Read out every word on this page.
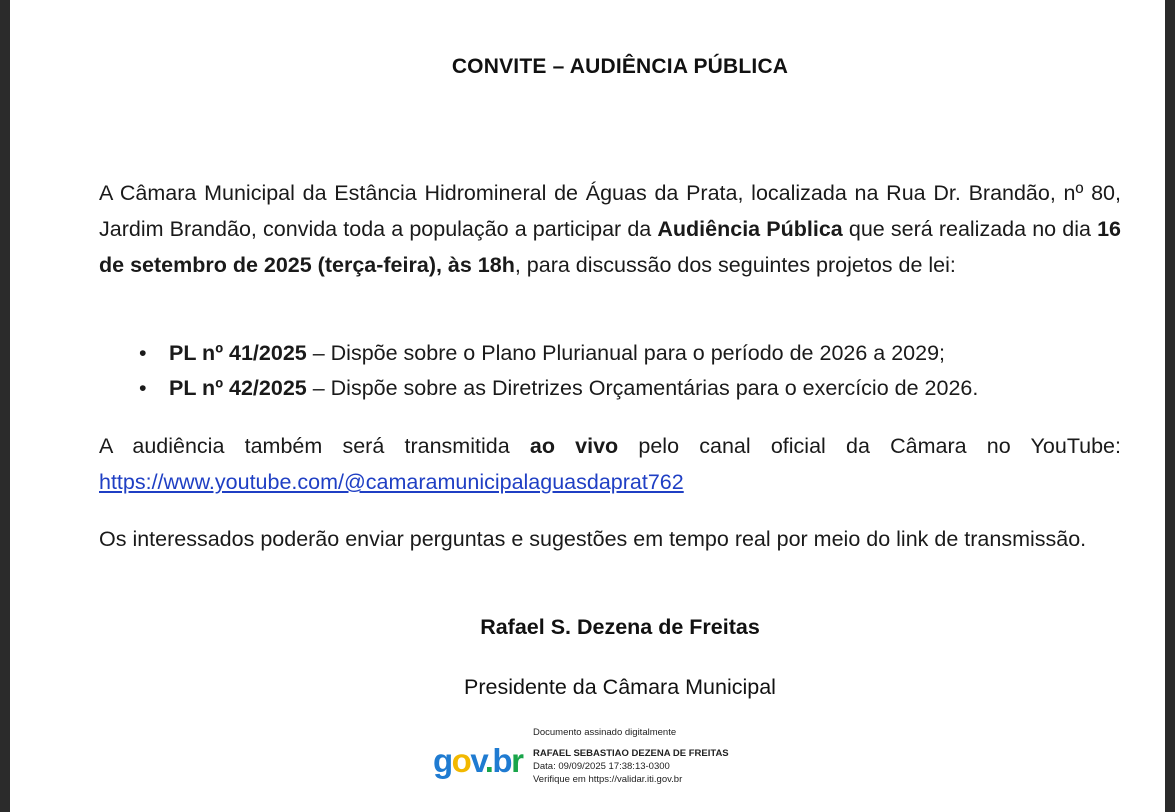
CONVITE – AUDIÊNCIA PÚBLICA
A Câmara Municipal da Estância Hidromineral de Águas da Prata, localizada na Rua Dr. Brandão, nº 80, Jardim Brandão, convida toda a população a participar da Audiência Pública que será realizada no dia 16 de setembro de 2025 (terça-feira), às 18h, para discussão dos seguintes projetos de lei:
• PL nº 41/2025 – Dispõe sobre o Plano Plurianual para o período de 2026 a 2029;
• PL nº 42/2025 – Dispõe sobre as Diretrizes Orçamentárias para o exercício de 2026.
A audiência também será transmitida ao vivo pelo canal oficial da Câmara no YouTube: https://www.youtube.com/@camaramunicipalaguasdaprat762
Os interessados poderão enviar perguntas e sugestões em tempo real por meio do link de transmissão.
Rafael S. Dezena de Freitas
Presidente da Câmara Municipal
gov.br
Documento assinado digitalmente
RAFAEL SEBASTIAO DEZENA DE FREITAS
Data: 09/09/2025 17:38:13-0300
Verifique em https://validar.iti.gov.br
